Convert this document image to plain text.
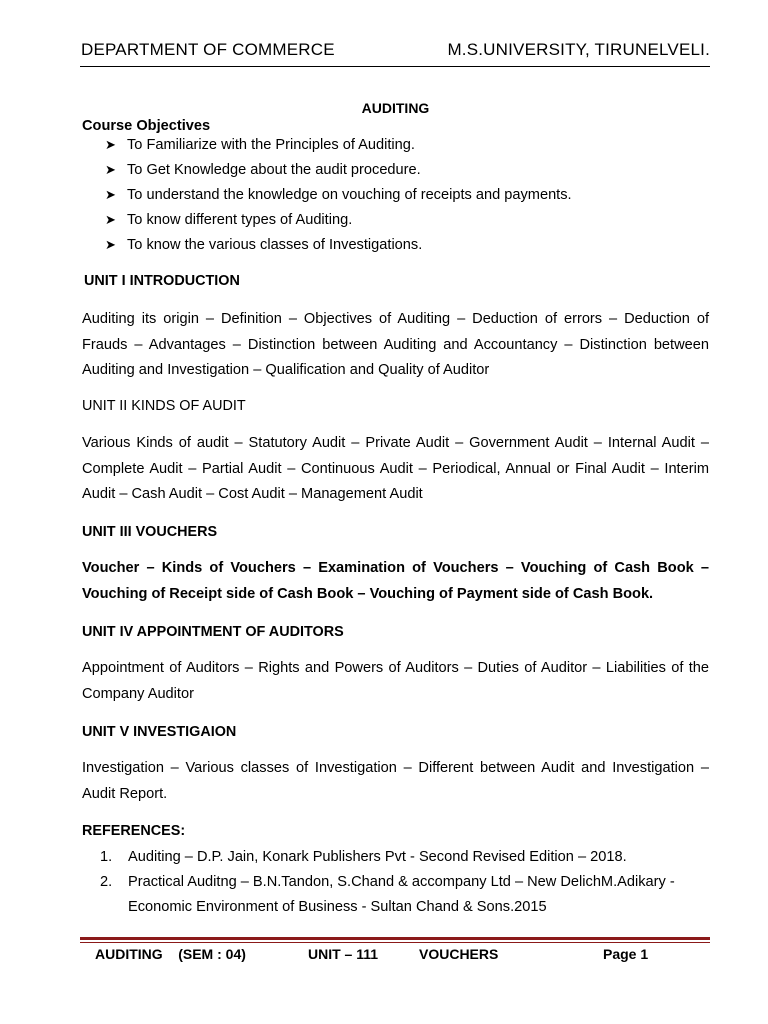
DEPARTMENT OF COMMERCE	M.S.UNIVERSITY, TIRUNELVELI.
AUDITING
Course Objectives
➤ To Familiarize with the Principles of Auditing.
➤ To Get Knowledge about the audit procedure.
➤ To understand the knowledge on vouching of receipts and payments.
➤ To know different types of Auditing.
➤ To know the various classes of Investigations.
UNIT I INTRODUCTION

Auditing its origin – Definition – Objectives of Auditing – Deduction of errors – Deduction of Frauds – Advantages – Distinction between Auditing and Accountancy – Distinction between Auditing and Investigation – Qualification and Quality of Auditor

UNIT II KINDS OF AUDIT

Various Kinds of audit – Statutory Audit – Private Audit – Government Audit – Internal Audit – Complete Audit – Partial Audit – Continuous Audit – Periodical, Annual or Final Audit – Interim Audit – Cash Audit – Cost Audit – Management Audit

UNIT III VOUCHERS

Voucher – Kinds of Vouchers – Examination of Vouchers – Vouching of Cash Book – Vouching of Receipt side of Cash Book – Vouching of Payment side of Cash Book.

UNIT IV APPOINTMENT OF AUDITORS

Appointment of Auditors – Rights and Powers of Auditors – Duties of Auditor – Liabilities of the Company Auditor

UNIT V INVESTIGAION

Investigation – Various classes of Investigation – Different between Audit and Investigation – Audit Report.

REFERENCES:
1.	Auditing – D.P. Jain, Konark Publishers Pvt - Second Revised Edition – 2018.
2.	Practical Auditng – B.N.Tandon, S.Chand & accompany Ltd – New DelichM.Adikary - Economic Environment of Business - Sultan Chand & Sons.2015
AUDITING    (SEM : 04)	UNIT – 111	VOUCHERS	Page 1
